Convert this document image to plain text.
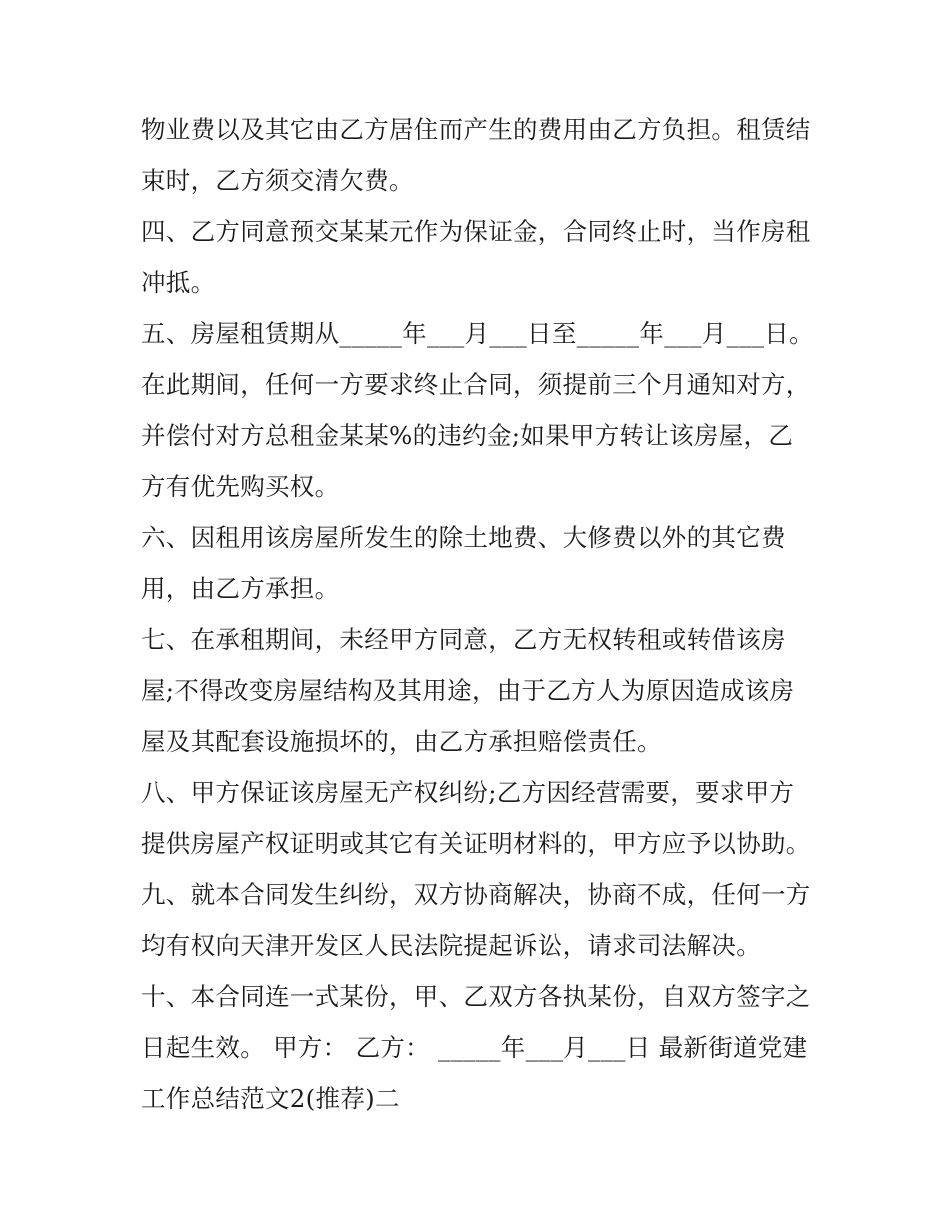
物业费以及其它由乙方居住而产生的费用由乙方负担。租赁结
束时，乙方须交清欠费。
四、乙方同意预交某某元作为保证金，合同终止时，当作房租
冲抵。
五、房屋租赁期从_____年___月___日至_____年___月___日。
在此期间，任何一方要求终止合同，须提前三个月通知对方，
并偿付对方总租金某某%的违约金;如果甲方转让该房屋，乙
方有优先购买权。
六、因租用该房屋所发生的除土地费、大修费以外的其它费
用，由乙方承担。
七、在承租期间，未经甲方同意，乙方无权转租或转借该房
屋;不得改变房屋结构及其用途，由于乙方人为原因造成该房
屋及其配套设施损坏的，由乙方承担赔偿责任。
八、甲方保证该房屋无产权纠纷;乙方因经营需要，要求甲方
提供房屋产权证明或其它有关证明材料的，甲方应予以协助。
九、就本合同发生纠纷，双方协商解决，协商不成，任何一方
均有权向天津开发区人民法院提起诉讼，请求司法解决。
十、本合同连一式某份，甲、乙双方各执某份，自双方签字之
日起生效。 甲方： 乙方： _____年___月___日 最新街道党建
工作总结范文2(推荐)二
